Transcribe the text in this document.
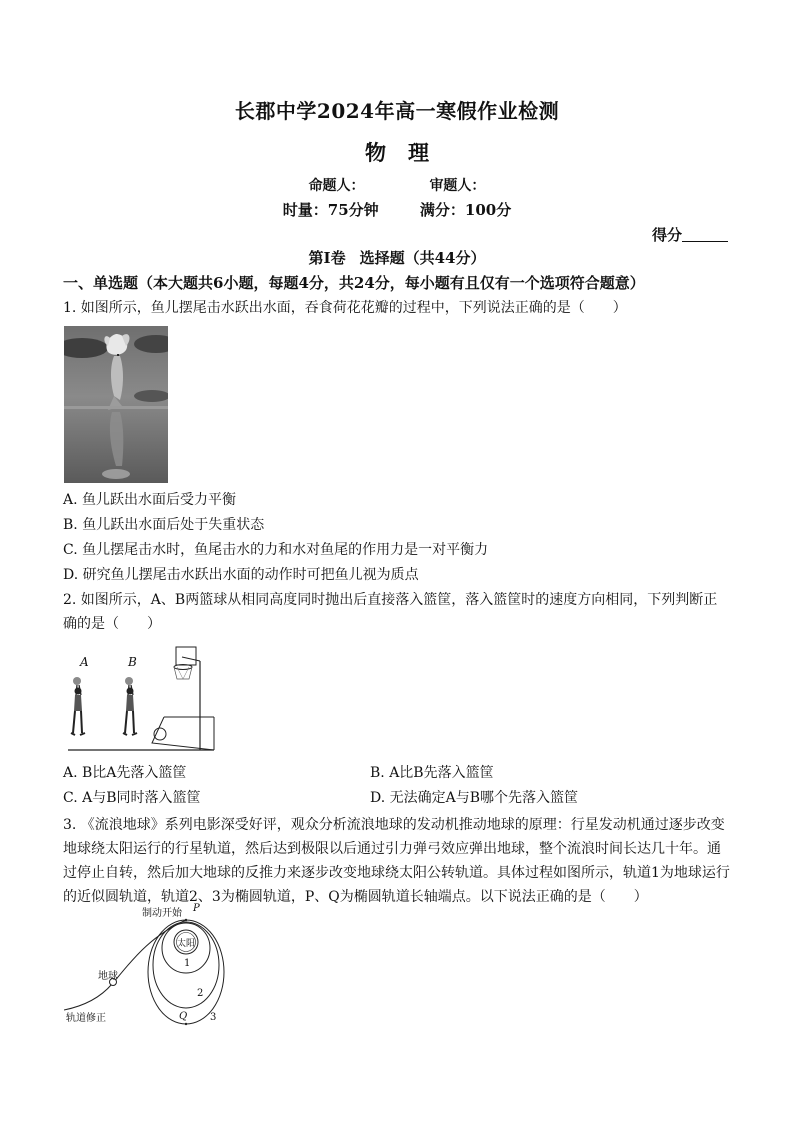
长郡中学2024年高一寒假作业检测
物理
命题人：	审题人：
时量：75分钟	满分：100分
得分
第Ⅰ卷 选择题（共44分）
一、单选题（本大题共6小题，每题4分，共24分，每小题有且仅有一个选项符合题意）
1. 如图所示，鱼儿摆尾击水跃出水面，吞食荷花花瓣的过程中，下列说法正确的是（　　）
A. 鱼儿跃出水面后受力平衡
B. 鱼儿跃出水面后处于失重状态
C. 鱼儿摆尾击水时，鱼尾击水的力和水对鱼尾的作用力是一对平衡力
D. 研究鱼儿摆尾击水跃出水面的动作时可把鱼儿视为质点
2. 如图所示，A、B两篮球从相同高度同时抛出后直接落入篮筐，落入篮筐时的速度方向相同，下列判断正确的是（　　）
A	B
A. B比A先落入篮筐	B. A比B先落入篮筐
C. A与B同时落入篮筐	D. 无法确定A与B哪个先落入篮筐
3. 《流浪地球》系列电影深受好评，观众分析流浪地球的发动机推动地球的原理：行星发动机通过逐步改变地球绕太阳运行的行星轨道，然后达到极限以后通过引力弹弓效应弹出地球，整个流浪时间长达几十年。通过停止自转，然后加大地球的反推力来逐步改变地球绕太阳公转轨道。具体过程如图所示，轨道1为地球运行的近似圆轨道，轨道2、3为椭圆轨道，P、Q为椭圆轨道长轴端点。以下说法正确的是（　　）
制动开始 P
太阳
1
2
3
地球
Q
轨道修正
